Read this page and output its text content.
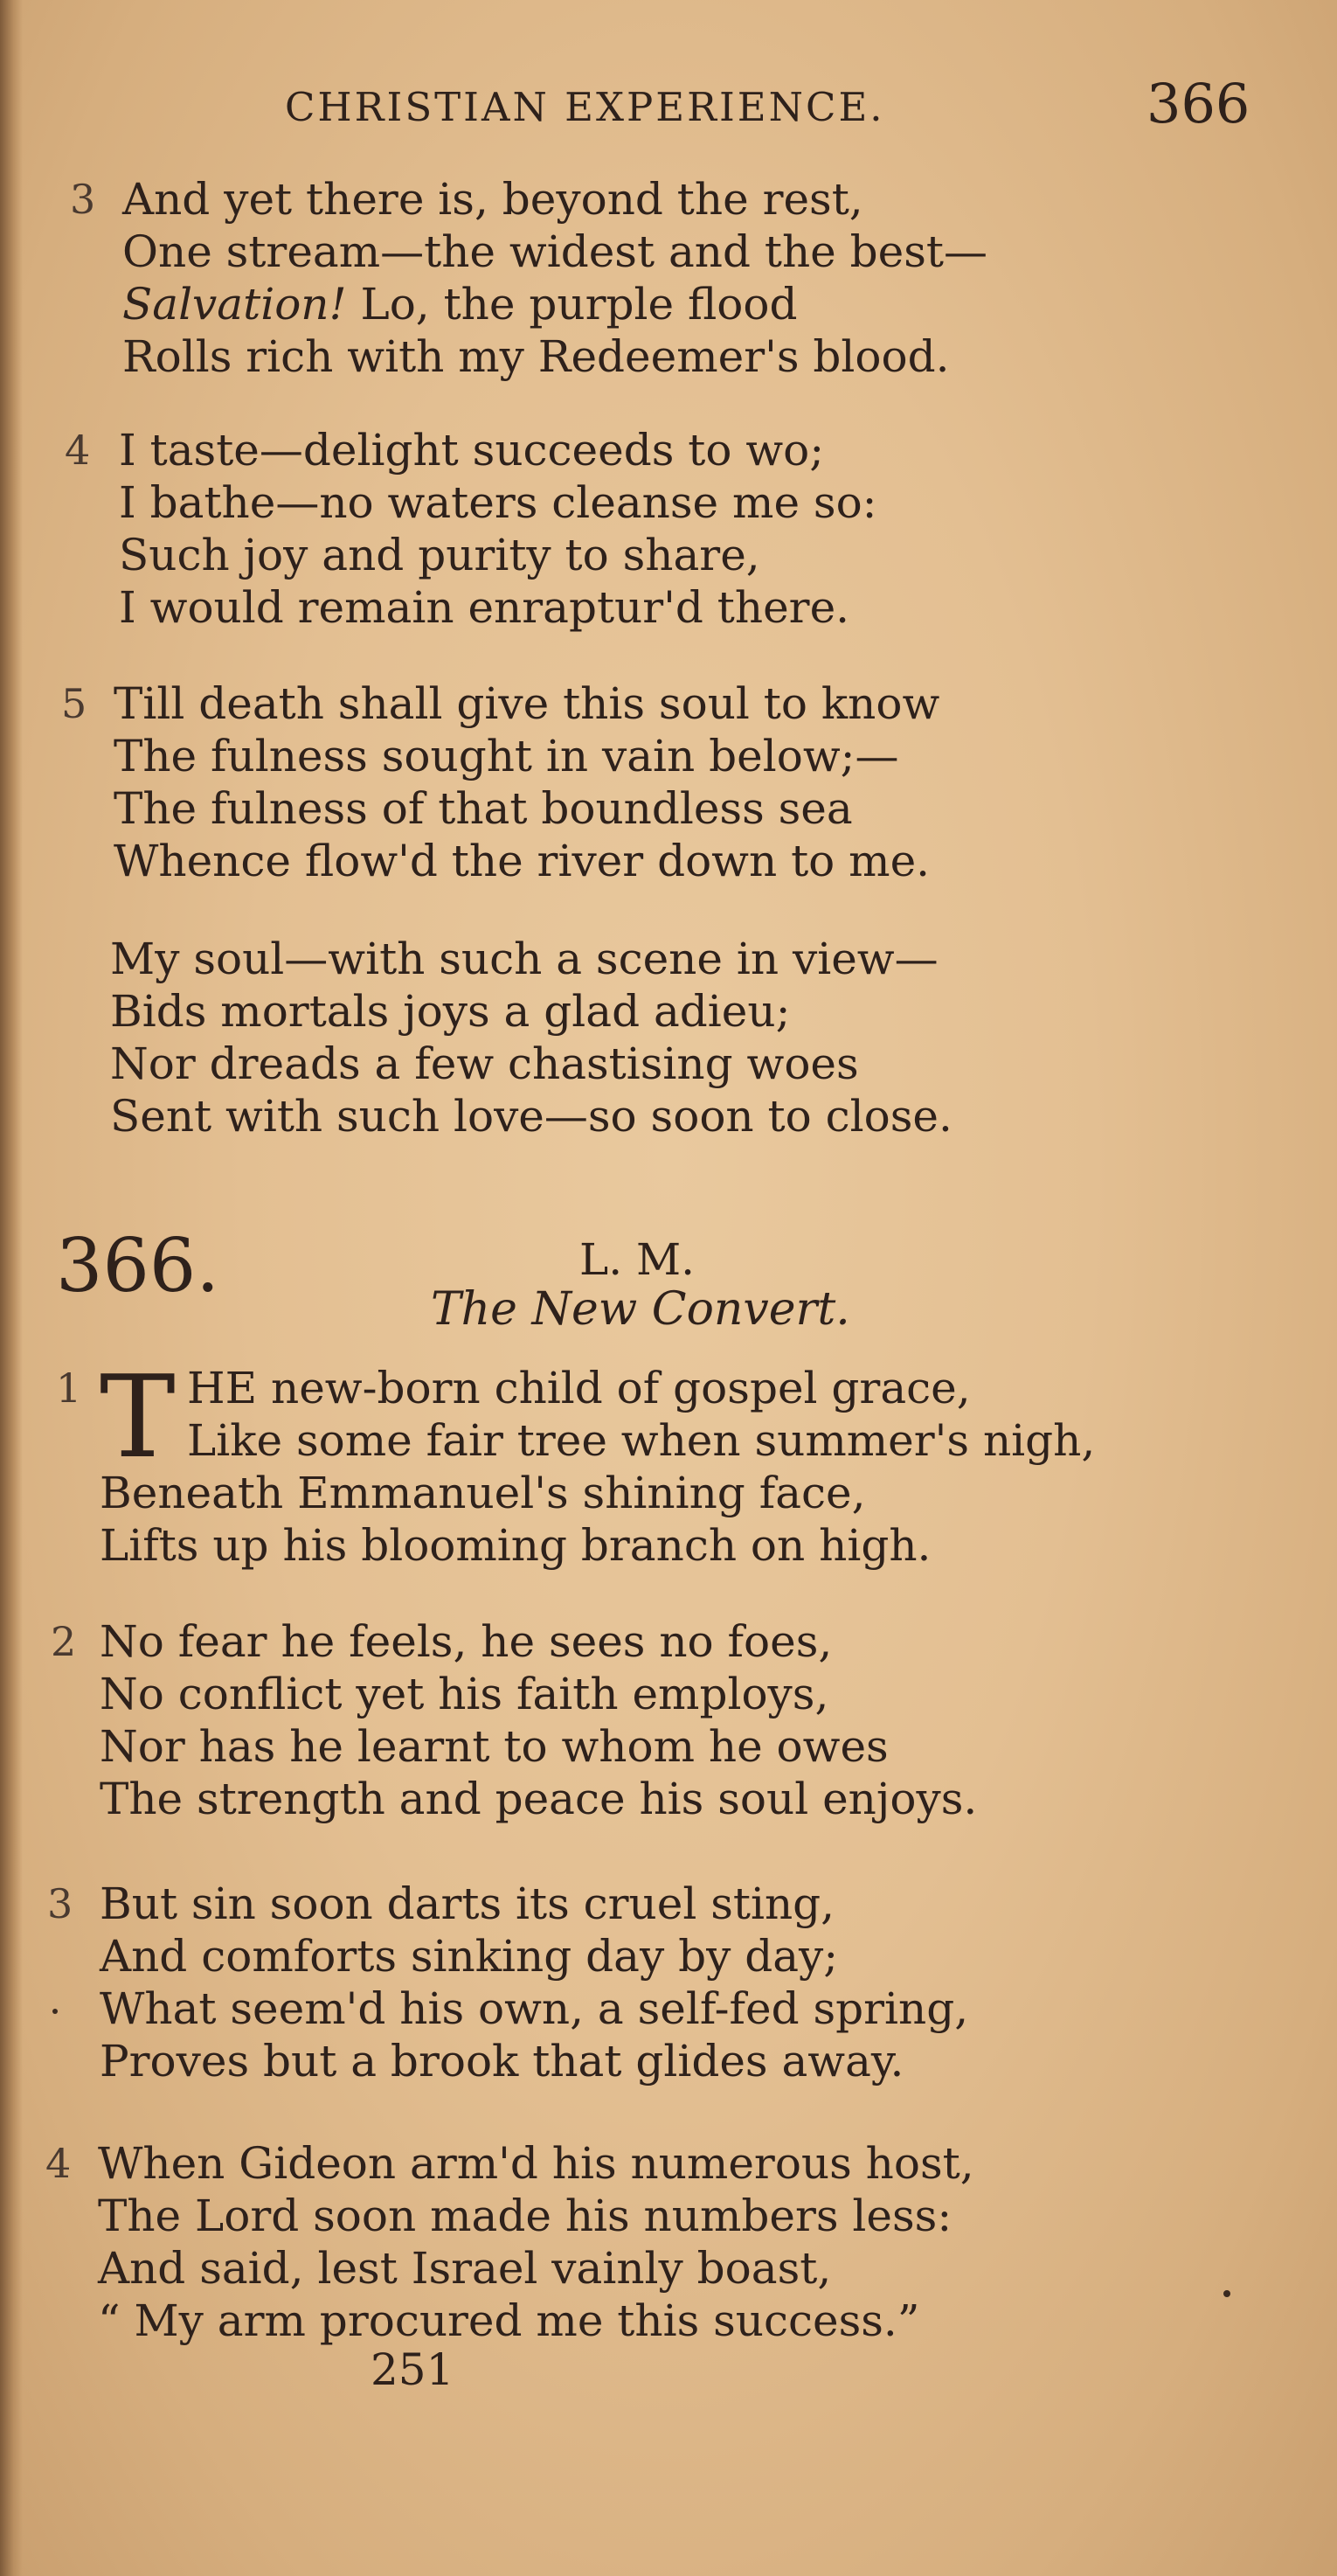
CHRISTIAN EXPERIENCE.	366
3 And yet there is, beyond the rest,
One stream—the widest and the best—
Salvation! Lo, the purple flood
Rolls rich with my Redeemer's blood.
4 I taste—delight succeeds to wo;
I bathe—no waters cleanse me so:
Such joy and purity to share,
I would remain enraptur'd there.
5 Till death shall give this soul to know
The fulness sought in vain below;—
The fulness of that boundless sea
Whence flow'd the river down to me.
My soul—with such a scene in view—
Bids mortals joys a glad adieu;
Nor dreads a few chastising woes
Sent with such love—so soon to close.
366.	L. M.
The New Convert.
1 T HE new-born child of gospel grace,
Like some fair tree when summer's nigh,
Beneath Emmanuel's shining face,
Lifts up his blooming branch on high.
2 No fear he feels, he sees no foes,
No conflict yet his faith employs,
Nor has he learnt to whom he owes
The strength and peace his soul enjoys.
3 But sin soon darts its cruel sting,
And comforts sinking day by day;
What seem'd his own, a self-fed spring,
Proves but a brook that glides away.
4 When Gideon arm'd his numerous host,
The Lord soon made his numbers less:
And said, lest Israel vainly boast,
“ My arm procured me this success.”
251
